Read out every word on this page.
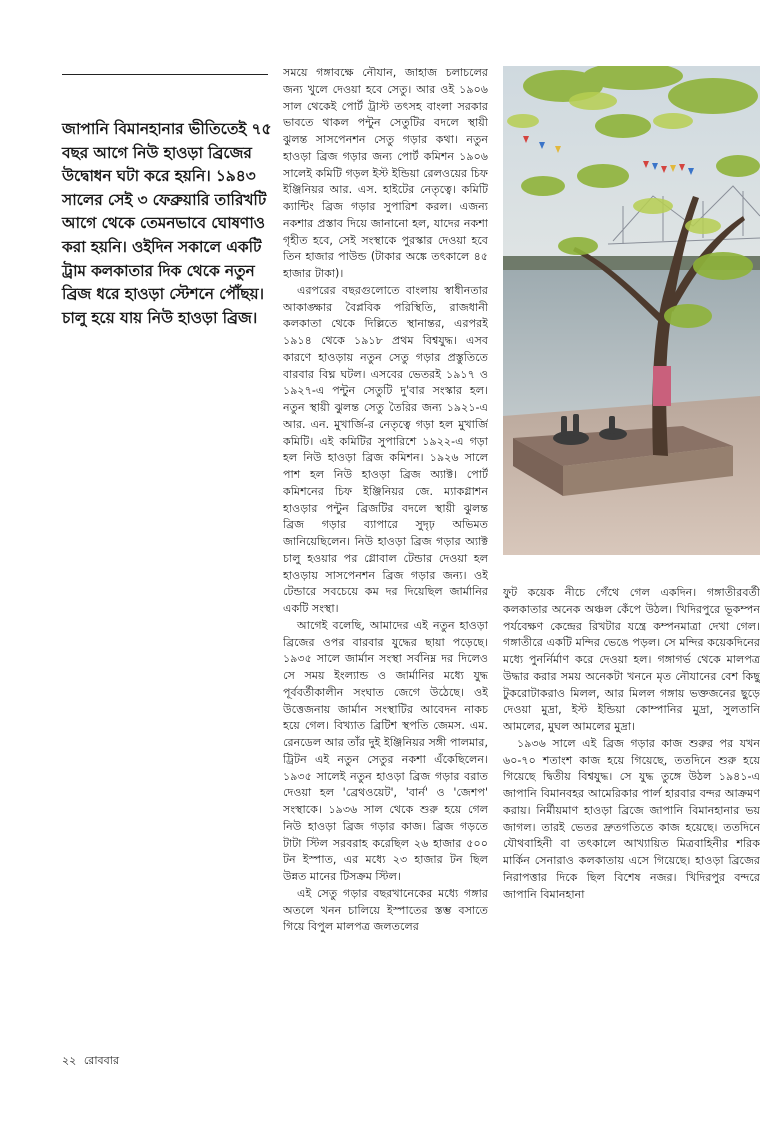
জাপানি বিমানহানার ভীতিতেই ৭৫ বছর আগে নিউ হাওড়া ব্রিজের উদ্বোধন ঘটা করে হয়নি। ১৯৪৩ সালের সেই ৩ ফেব্রুয়ারি তারিখটি আগে থেকে তেমনভাবে ঘোষণাও করা হয়নি। ওইদিন সকালে একটি ট্রাম কলকাতার দিক থেকে নতুন ব্রিজ ধরে হাওড়া স্টেশনে পৌঁছয়। চালু হয়ে যায় নিউ হাওড়া ব্রিজ।

সময়ে গঙ্গাবক্ষে নৌযান, জাহাজ চলাচলের জন্য খুলে দেওয়া হবে সেতু। আর ওই ১৯০৬ সাল থেকেই পোর্ট ট্রাস্ট তৎসহ বাংলা সরকার ভাবতে থাকল পন্টুন সেতুটির বদলে স্থায়ী ঝুলন্ত সাসপেনশন সেতু গড়ার কথা। নতুন হাওড়া ব্রিজ গড়ার জন্য পোর্ট কমিশন ১৯০৬ সালেই কমিটি গড়ল ইস্ট ইন্ডিয়া রেলওয়ের চিফ ইঞ্জিনিয়র আর. এস. হাইটের নেতৃত্বে। কমিটি ক্যান্টিং ব্রিজ গড়ার সুপারিশ করল। এজন্য নকশার প্রস্তাব দিয়ে জানানো হল, যাদের নকশা গৃহীত হবে, সেই সংস্থাকে পুরস্কার দেওয়া হবে তিন হাজার পাউন্ড (টাকার অঙ্কে তৎকালে ৪৫ হাজার টাকা)।

এরপরের বছরগুলোতে বাংলায় স্বাধীনতার আকাঙ্ক্ষার বৈপ্লবিক পরিস্থিতি, রাজধানী কলকাতা থেকে দিল্লিতে স্থানান্তর, এরপরই ১৯১৪ থেকে ১৯১৮ প্রথম বিশ্বযুদ্ধ। এসব কারণে হাওড়ায় নতুন সেতু গড়ার প্রস্তুতিতে বারবার বিঘ্ন ঘটল। এসবের ভেতরই ১৯১৭ ও ১৯২৭-এ পন্টুন সেতুটি দু'বার সংস্কার হল। নতুন স্থায়ী ঝুলন্ত সেতু তৈরির জন্য ১৯২১-এ আর. এন. মুখার্জি-র নেতৃত্বে গড়া হল মুখার্জি কমিটি। এই কমিটির সুপারিশে ১৯২২-এ গড়া হল নিউ হাওড়া ব্রিজ কমিশন। ১৯২৬ সালে পাশ হল নিউ হাওড়া ব্রিজ অ্যাক্ট। পোর্ট কমিশনের চিফ ইঞ্জিনিয়র জে. ম্যাকগ্লাশন হাওড়ার পন্টুন ব্রিজটির বদলে স্থায়ী ঝুলন্ত ব্রিজ গড়ার ব্যাপারে সুদৃঢ় অভিমত জানিয়েছিলেন। নিউ হাওড়া ব্রিজ গড়ার অ্যাক্ট চালু হওয়ার পর গ্লোবাল টেন্ডার দেওয়া হল হাওড়ায় সাসপেনশন ব্রিজ গড়ার জন্য। ওই টেন্ডারে সবচেয়ে কম দর দিয়েছিল জার্মানির একটি সংস্থা।

আগেই বলেছি, আমাদের এই নতুন হাওড়া ব্রিজের ওপর বারবার যুদ্ধের ছায়া পড়েছে। ১৯৩৫ সালে জার্মান সংস্থা সর্বনিম্ন দর দিলেও সে সময় ইংল্যান্ড ও জার্মানির মধ্যে যুদ্ধ পূর্ববর্তীকালীন সংঘাত জেগে উঠেছে। ওই উত্তেজনায় জার্মান সংস্থাটির আবেদন নাকচ হয়ে গেল। বিখ্যাত ব্রিটিশ স্থপতি জেমস. এম. রেনডেল আর তাঁর দুই ইঞ্জিনিয়র সঙ্গী পালমার, ট্রিটন এই নতুন সেতুর নকশা এঁকেছিলেন। ১৯৩৫ সালেই নতুন হাওড়া ব্রিজ গড়ার বরাত দেওয়া হল 'ব্রেথওয়েট', 'বার্ন' ও 'জেশপ' সংস্থাকে। ১৯৩৬ সাল থেকে শুরু হয়ে গেল নিউ হাওড়া ব্রিজ গড়ার কাজ। ব্রিজ গড়তে টাটা স্টিল সরবরাহ করেছিল ২৬ হাজার ৫০০ টন ইস্পাত, এর মধ্যে ২৩ হাজার টন ছিল উন্নত মানের টিসক্রম স্টিল।

এই সেতু গড়ার বছরখানেকের মধ্যে গঙ্গার অতলে খনন চালিয়ে ইস্পাতের স্তম্ভ বসাতে গিয়ে বিপুল মালপত্র জলতলের

ফুট কয়েক নীচে গেঁথে গেল একদিন। গঙ্গাতীরবর্তী কলকাতার অনেক অঞ্চল কেঁপে উঠল। খিদিরপুরে ভূকম্পন পর্যবেক্ষণ কেন্দ্রের রিখটার যন্ত্রে কম্পনমাত্রা দেখা গেল। গঙ্গাতীরে একটি মন্দির ভেঙে পড়ল। সে মন্দির কয়েকদিনের মধ্যে পুনর্নির্মাণ করে দেওয়া হল। গঙ্গাগর্ভ থেকে মালপত্র উদ্ধার করার সময় অনেকটা খননে মৃত নৌযানের বেশ কিছু টুকরোটাকরাও মিলল, আর মিলল গঙ্গায় ভক্তজনের ছুড়ে দেওয়া মুদ্রা, ইস্ট ইন্ডিয়া কোম্পানির মুদ্রা, সুলতানি আমলের, মুঘল আমলের মুদ্রা।

১৯৩৬ সালে এই ব্রিজ গড়ার কাজ শুরুর পর যখন ৬০-৭০ শতাংশ কাজ হয়ে গিয়েছে, ততদিনে শুরু হয়ে গিয়েছে দ্বিতীয় বিশ্বযুদ্ধ। সে যুদ্ধ তুঙ্গে উঠল ১৯৪১-এ জাপানি বিমানবহর আমেরিকার পার্ল হারবার বন্দর আক্রমণ করায়। নির্মীয়মাণ হাওড়া ব্রিজে জাপানি বিমানহানার ভয় জাগল। তারই ভেতর দ্রুতগতিতে কাজ হয়েছে। ততদিনে যৌথবাহিনী বা তৎকালে আখ্যায়িত মিত্রবাহিনীর শরিক মার্কিন সেনারাও কলকাতায় এসে গিয়েছে। হাওড়া ব্রিজের নিরাপত্তার দিকে ছিল বিশেষ নজর। খিদিরপুর বন্দরে জাপানি বিমানহানা

২২ রোববার
